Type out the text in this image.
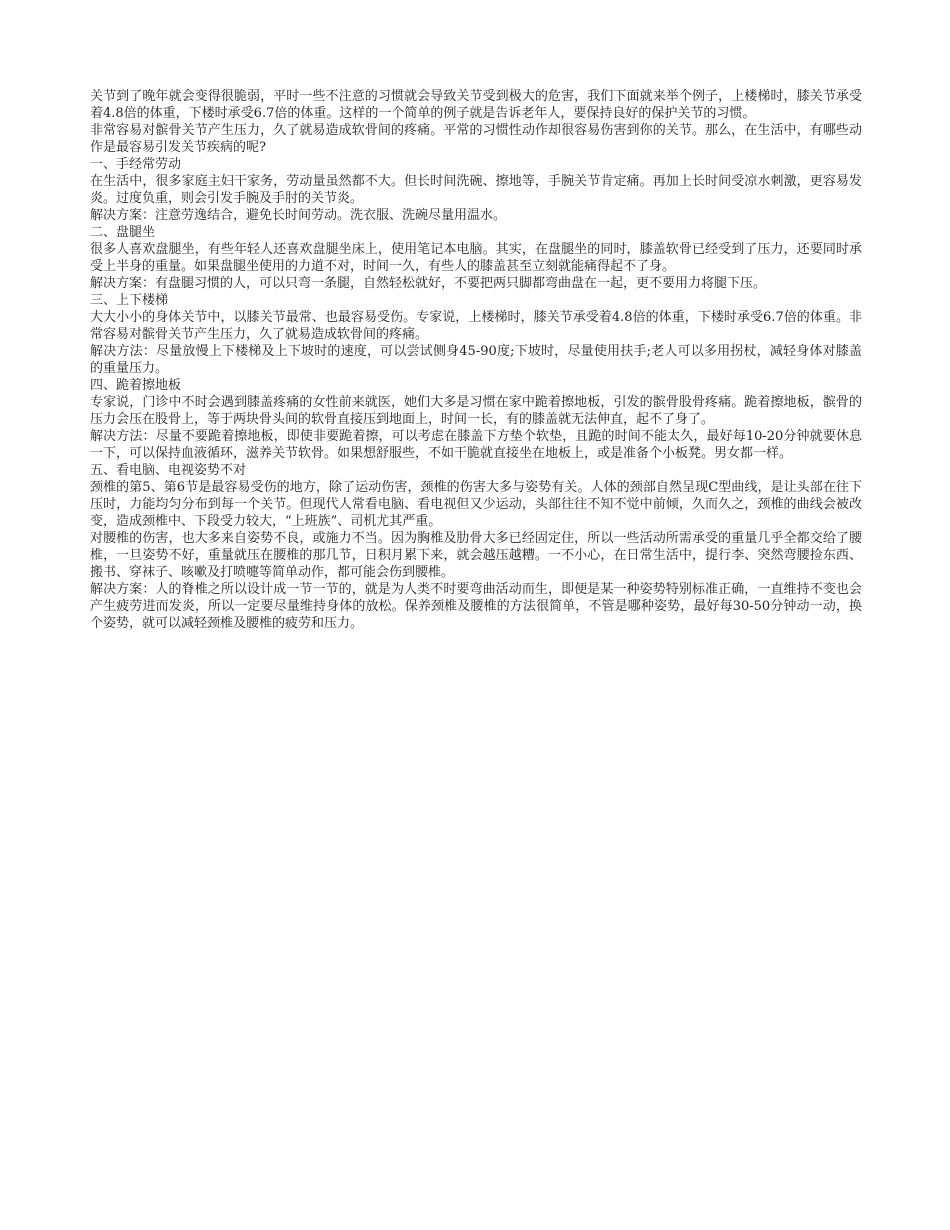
关节到了晚年就会变得很脆弱，平时一些不注意的习惯就会导致关节受到极大的危害，我们下面就来举个例子，上楼梯时，膝关节承受着4.8倍的体重，下楼时承受6.7倍的体重。这样的一个简单的例子就是告诉老年人，要保持良好的保护关节的习惯。

非常容易对髌骨关节产生压力，久了就易造成软骨间的疼痛。平常的习惯性动作却很容易伤害到你的关节。那么，在生活中，有哪些动作是最容易引发关节疾病的呢?

一、手经常劳动

在生活中，很多家庭主妇干家务，劳动量虽然都不大。但长时间洗碗、擦地等，手腕关节肯定痛。再加上长时间受凉水刺激，更容易发炎。过度负重，则会引发手腕及手肘的关节炎。

解决方案：注意劳逸结合，避免长时间劳动。洗衣服、洗碗尽量用温水。

二、盘腿坐

很多人喜欢盘腿坐，有些年轻人还喜欢盘腿坐床上，使用笔记本电脑。其实，在盘腿坐的同时，膝盖软骨已经受到了压力，还要同时承受上半身的重量。如果盘腿坐使用的力道不对，时间一久，有些人的膝盖甚至立刻就能痛得起不了身。

解决方案：有盘腿习惯的人，可以只弯一条腿，自然轻松就好，不要把两只脚都弯曲盘在一起，更不要用力将腿下压。

三、上下楼梯

大大小小的身体关节中，以膝关节最常、也最容易受伤。专家说，上楼梯时，膝关节承受着4.8倍的体重，下楼时承受6.7倍的体重。非常容易对髌骨关节产生压力，久了就易造成软骨间的疼痛。

解决方法：尽量放慢上下楼梯及上下坡时的速度，可以尝试侧身45-90度;下坡时，尽量使用扶手;老人可以多用拐杖，减轻身体对膝盖的重量压力。

四、跪着擦地板

专家说，门诊中不时会遇到膝盖疼痛的女性前来就医，她们大多是习惯在家中跪着擦地板，引发的髌骨股骨疼痛。跪着擦地板，髌骨的压力会压在股骨上，等于两块骨头间的软骨直接压到地面上，时间一长，有的膝盖就无法伸直，起不了身了。

解决方法：尽量不要跪着擦地板，即使非要跪着擦，可以考虑在膝盖下方垫个软垫，且跪的时间不能太久，最好每10-20分钟就要休息一下，可以保持血液循环，滋养关节软骨。如果想舒服些，不如干脆就直接坐在地板上，或是准备个小板凳。男女都一样。

五、看电脑、电视姿势不对

颈椎的第5、第6节是最容易受伤的地方，除了运动伤害，颈椎的伤害大多与姿势有关。人体的颈部自然呈现C型曲线，是让头部在往下压时，力能均匀分布到每一个关节。但现代人常看电脑、看电视但又少运动，头部往往不知不觉中前倾，久而久之，颈椎的曲线会被改变，造成颈椎中、下段受力较大，“上班族”、司机尤其严重。

对腰椎的伤害，也大多来自姿势不良，或施力不当。因为胸椎及肋骨大多已经固定住，所以一些活动所需承受的重量几乎全都交给了腰椎，一旦姿势不好，重量就压在腰椎的那几节，日积月累下来，就会越压越糟。一不小心，在日常生活中，提行李、突然弯腰捡东西、搬书、穿袜子、咳嗽及打喷嚏等简单动作，都可能会伤到腰椎。

解决方案：人的脊椎之所以设计成一节一节的，就是为人类不时要弯曲活动而生，即便是某一种姿势特别标准正确，一直维持不变也会产生疲劳进而发炎，所以一定要尽量维持身体的放松。保养颈椎及腰椎的方法很简单，不管是哪种姿势，最好每30-50分钟动一动，换个姿势，就可以减轻颈椎及腰椎的疲劳和压力。
